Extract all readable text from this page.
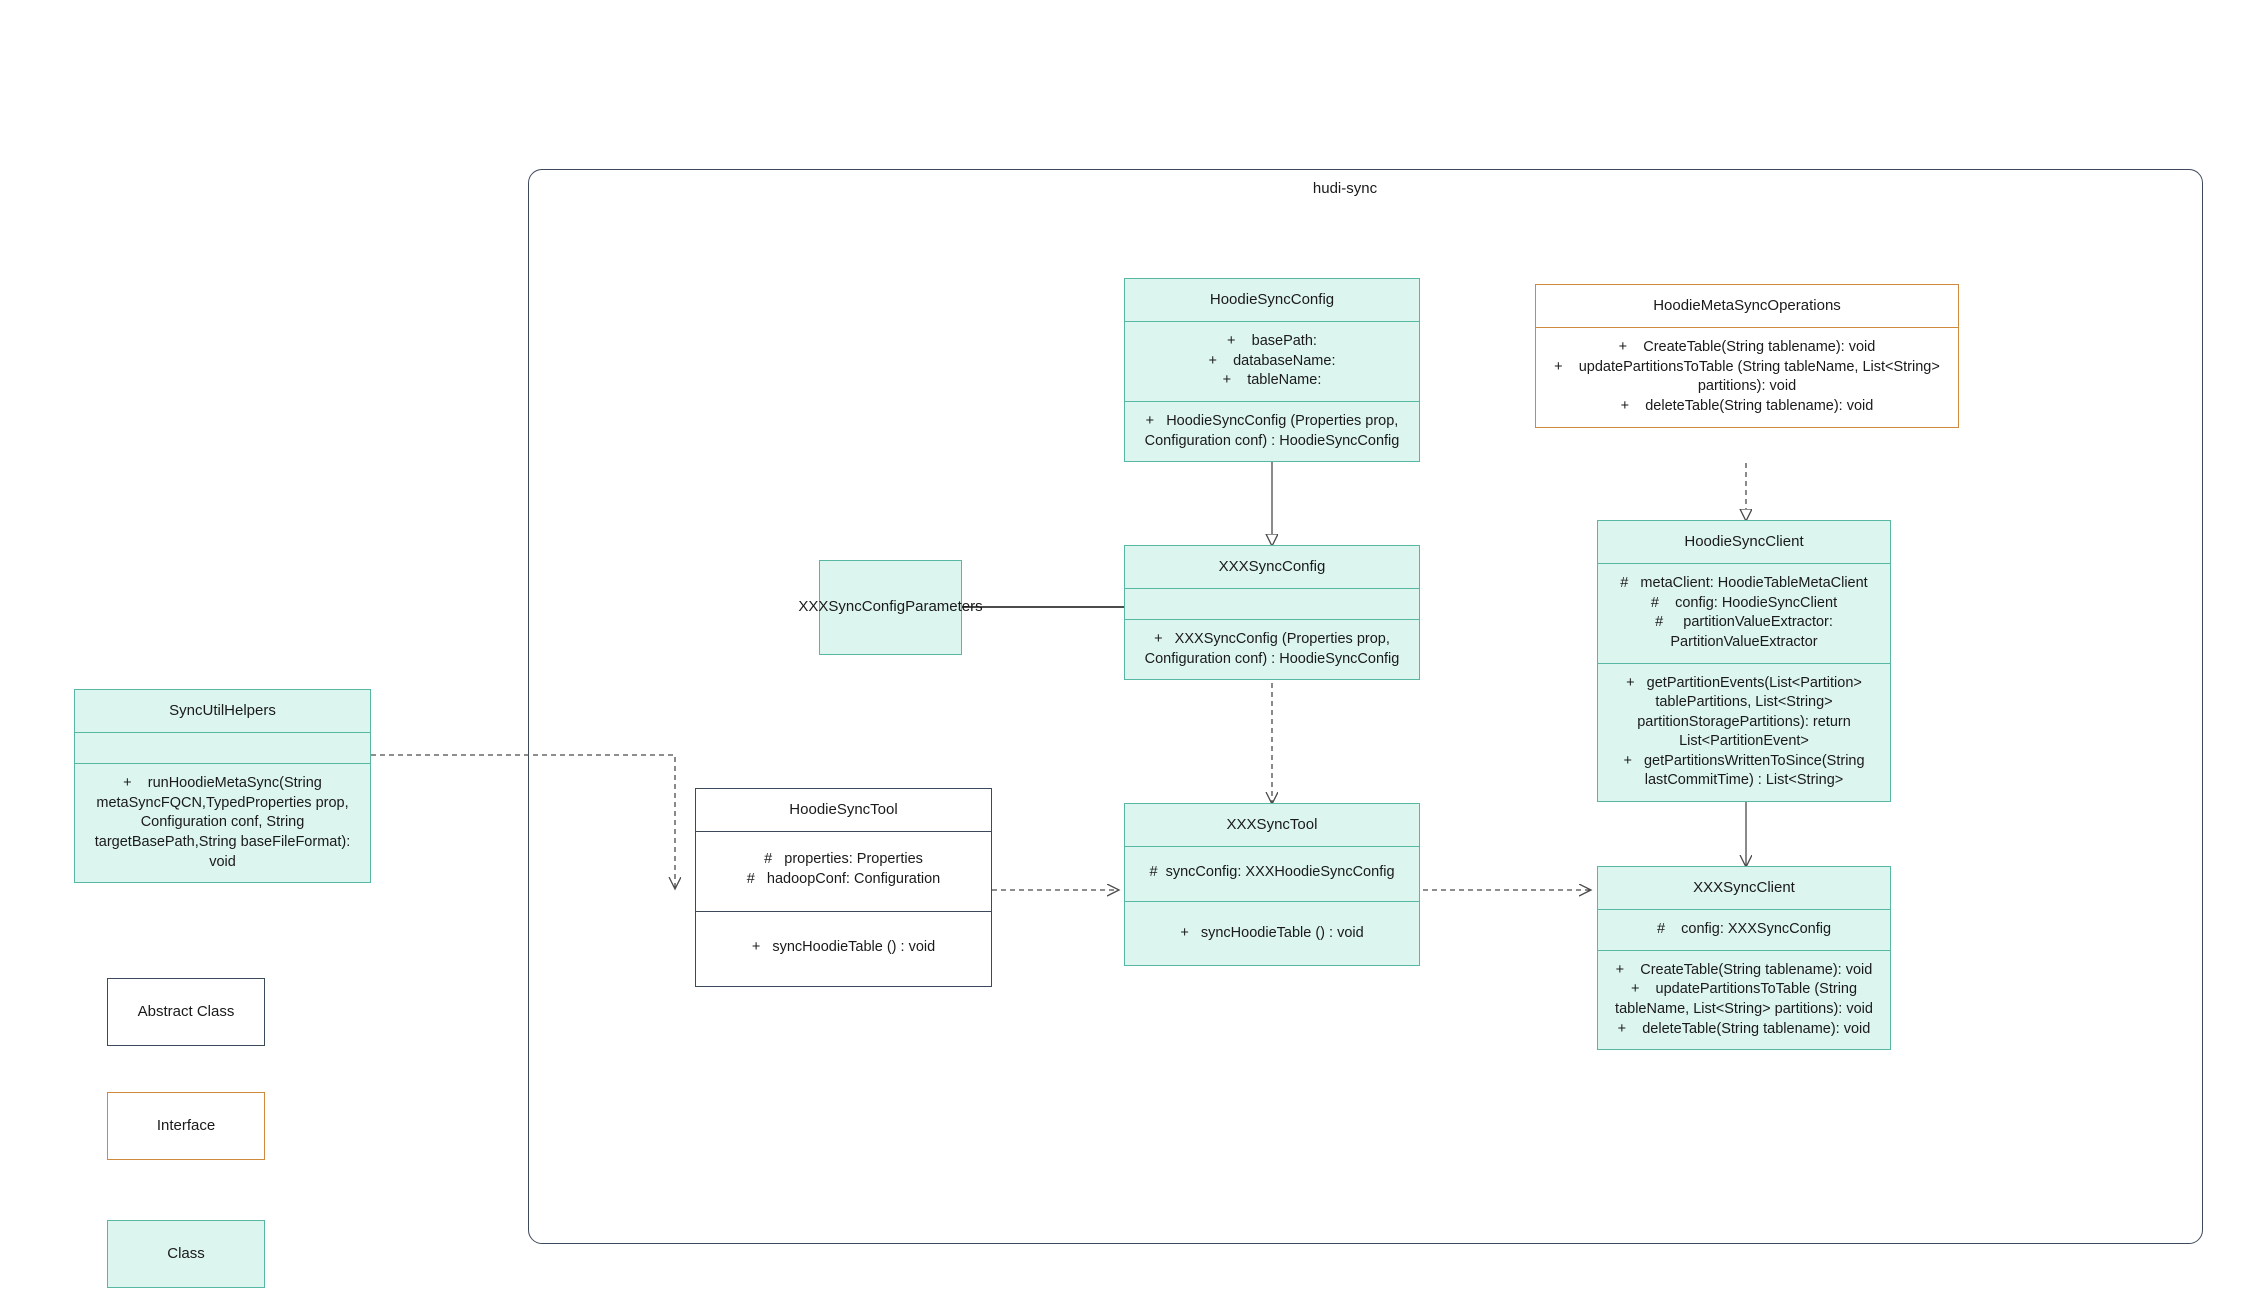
hudi-sync
HoodieSyncConfig
+    basePath:
+    databaseName:
+    tableName:
+   HoodieSyncConfig (Properties prop, Configuration conf) : HoodieSyncConfig
HoodieMetaSyncOperations
+    CreateTable(String tablename): void
+    updatePartitionsToTable (String tableName, List<String> partitions): void
+    deleteTable(String tablename): void
HoodieSyncClient
#   metaClient: HoodieTableMetaClient
#    config: HoodieSyncClient
#     partitionValueExtractor: PartitionValueExtractor
+   getPartitionEvents(List<Partition> tablePartitions, List<String> partitionStoragePartitions): return List<PartitionEvent>
+   getPartitionsWrittenToSince(String lastCommitTime) : List<String>
XXXSyncConfig
+   XXXSyncConfig (Properties prop, Configuration conf) : HoodieSyncConfig
XXXSyncConfigParameters
SyncUtilHelpers
+    runHoodieMetaSync(String metaSyncFQCN,TypedProperties prop, Configuration conf, String targetBasePath,String baseFileFormat): void
HoodieSyncTool
#   properties: Properties
#   hadoopConf: Configuration
+   syncHoodieTable () : void
XXXSyncTool
#  syncConfig: XXXHoodieSyncConfig
+   syncHoodieTable () : void
XXXSyncClient
#    config: XXXSyncConfig
+    CreateTable(String tablename): void
+    updatePartitionsToTable (String tableName, List<String> partitions): void
+    deleteTable(String tablename): void
Abstract Class
Interface
Class
